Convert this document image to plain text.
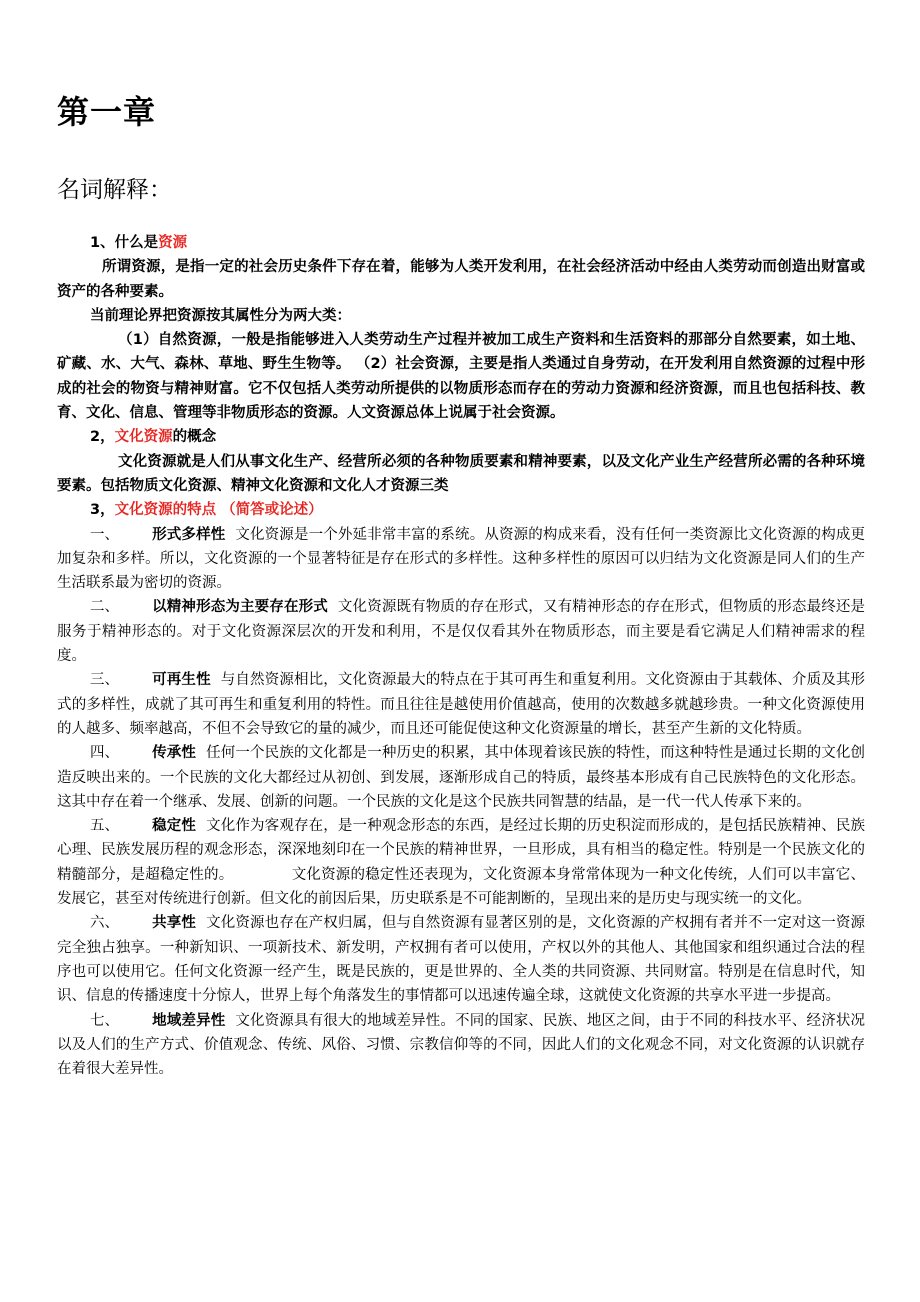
第一章
名词解释：

1、什么是资源

所谓资源，是指一定的社会历史条件下存在着，能够为人类开发利用，在社会经济活动中经由人类劳动而创造出财富或资产的各种要素。

当前理论界把资源按其属性分为两大类：

（1）自然资源，一般是指能够进入人类劳动生产过程并被加工成生产资料和生活资料的那部分自然要素，如土地、矿藏、水、大气、森林、草地、野生生物等。 （2）社会资源，主要是指人类通过自身劳动，在开发利用自然资源的过程中形成的社会的物资与精神财富。它不仅包括人类劳动所提供的以物质形态而存在的劳动力资源和经济资源，而且也包括科技、教育、文化、信息、管理等非物质形态的资源。人文资源总体上说属于社会资源。

2，文化资源的概念

文化资源就是人们从事文化生产、经营所必须的各种物质要素和精神要素，以及文化产业生产经营所必需的各种环境要素。包括物质文化资源、精神文化资源和文化人才资源三类

3，文化资源的特点 （简答或论述）

一、 形式多样性 文化资源是一个外延非常丰富的系统。从资源的构成来看，没有任何一类资源比文化资源的构成更加复杂和多样。所以，文化资源的一个显著特征是存在形式的多样性。这种多样性的原因可以归结为文化资源是同人们的生产生活联系最为密切的资源。

二、 以精神形态为主要存在形式 文化资源既有物质的存在形式，又有精神形态的存在形式，但物质的形态最终还是服务于精神形态的。对于文化资源深层次的开发和利用，不是仅仅看其外在物质形态，而主要是看它满足人们精神需求的程度。

三、 可再生性 与自然资源相比，文化资源最大的特点在于其可再生和重复利用。文化资源由于其载体、介质及其形式的多样性，成就了其可再生和重复利用的特性。而且往往是越使用价值越高，使用的次数越多就越珍贵。一种文化资源使用的人越多、频率越高，不但不会导致它的量的减少，而且还可能促使这种文化资源量的增长，甚至产生新的文化特质。

四、 传承性 任何一个民族的文化都是一种历史的积累，其中体现着该民族的特性，而这种特性是通过长期的文化创造反映出来的。一个民族的文化大都经过从初创、到发展，逐渐形成自己的特质，最终基本形成有自己民族特色的文化形态。这其中存在着一个继承、发展、创新的问题。一个民族的文化是这个民族共同智慧的结晶，是一代一代人传承下来的。

五、 稳定性 文化作为客观存在，是一种观念形态的东西，是经过长期的历史积淀而形成的，是包括民族精神、民族心理、民族发展历程的观念形态，深深地刻印在一个民族的精神世界，一旦形成，具有相当的稳定性。特别是一个民族文化的精髓部分，是超稳定性的。	文化资源的稳定性还表现为，文化资源本身常常体现为一种文化传统，人们可以丰富它、发展它，甚至对传统进行创新。但文化的前因后果，历史联系是不可能割断的，呈现出来的是历史与现实统一的文化。

六、 共享性 文化资源也存在产权归属，但与自然资源有显著区别的是，文化资源的产权拥有者并不一定对这一资源完全独占独享。一种新知识、一项新技术、新发明，产权拥有者可以使用，产权以外的其他人、其他国家和组织通过合法的程序也可以使用它。任何文化资源一经产生，既是民族的，更是世界的、全人类的共同资源、共同财富。特别是在信息时代，知识、信息的传播速度十分惊人，世界上每个角落发生的事情都可以迅速传遍全球，这就使文化资源的共享水平进一步提高。

七、 地域差异性 文化资源具有很大的地域差异性。不同的国家、民族、地区之间，由于不同的科技水平、经济状况以及人们的生产方式、价值观念、传统、风俗、习惯、宗教信仰等的不同，因此人们的文化观念不同，对文化资源的认识就存在着很大差异性。
